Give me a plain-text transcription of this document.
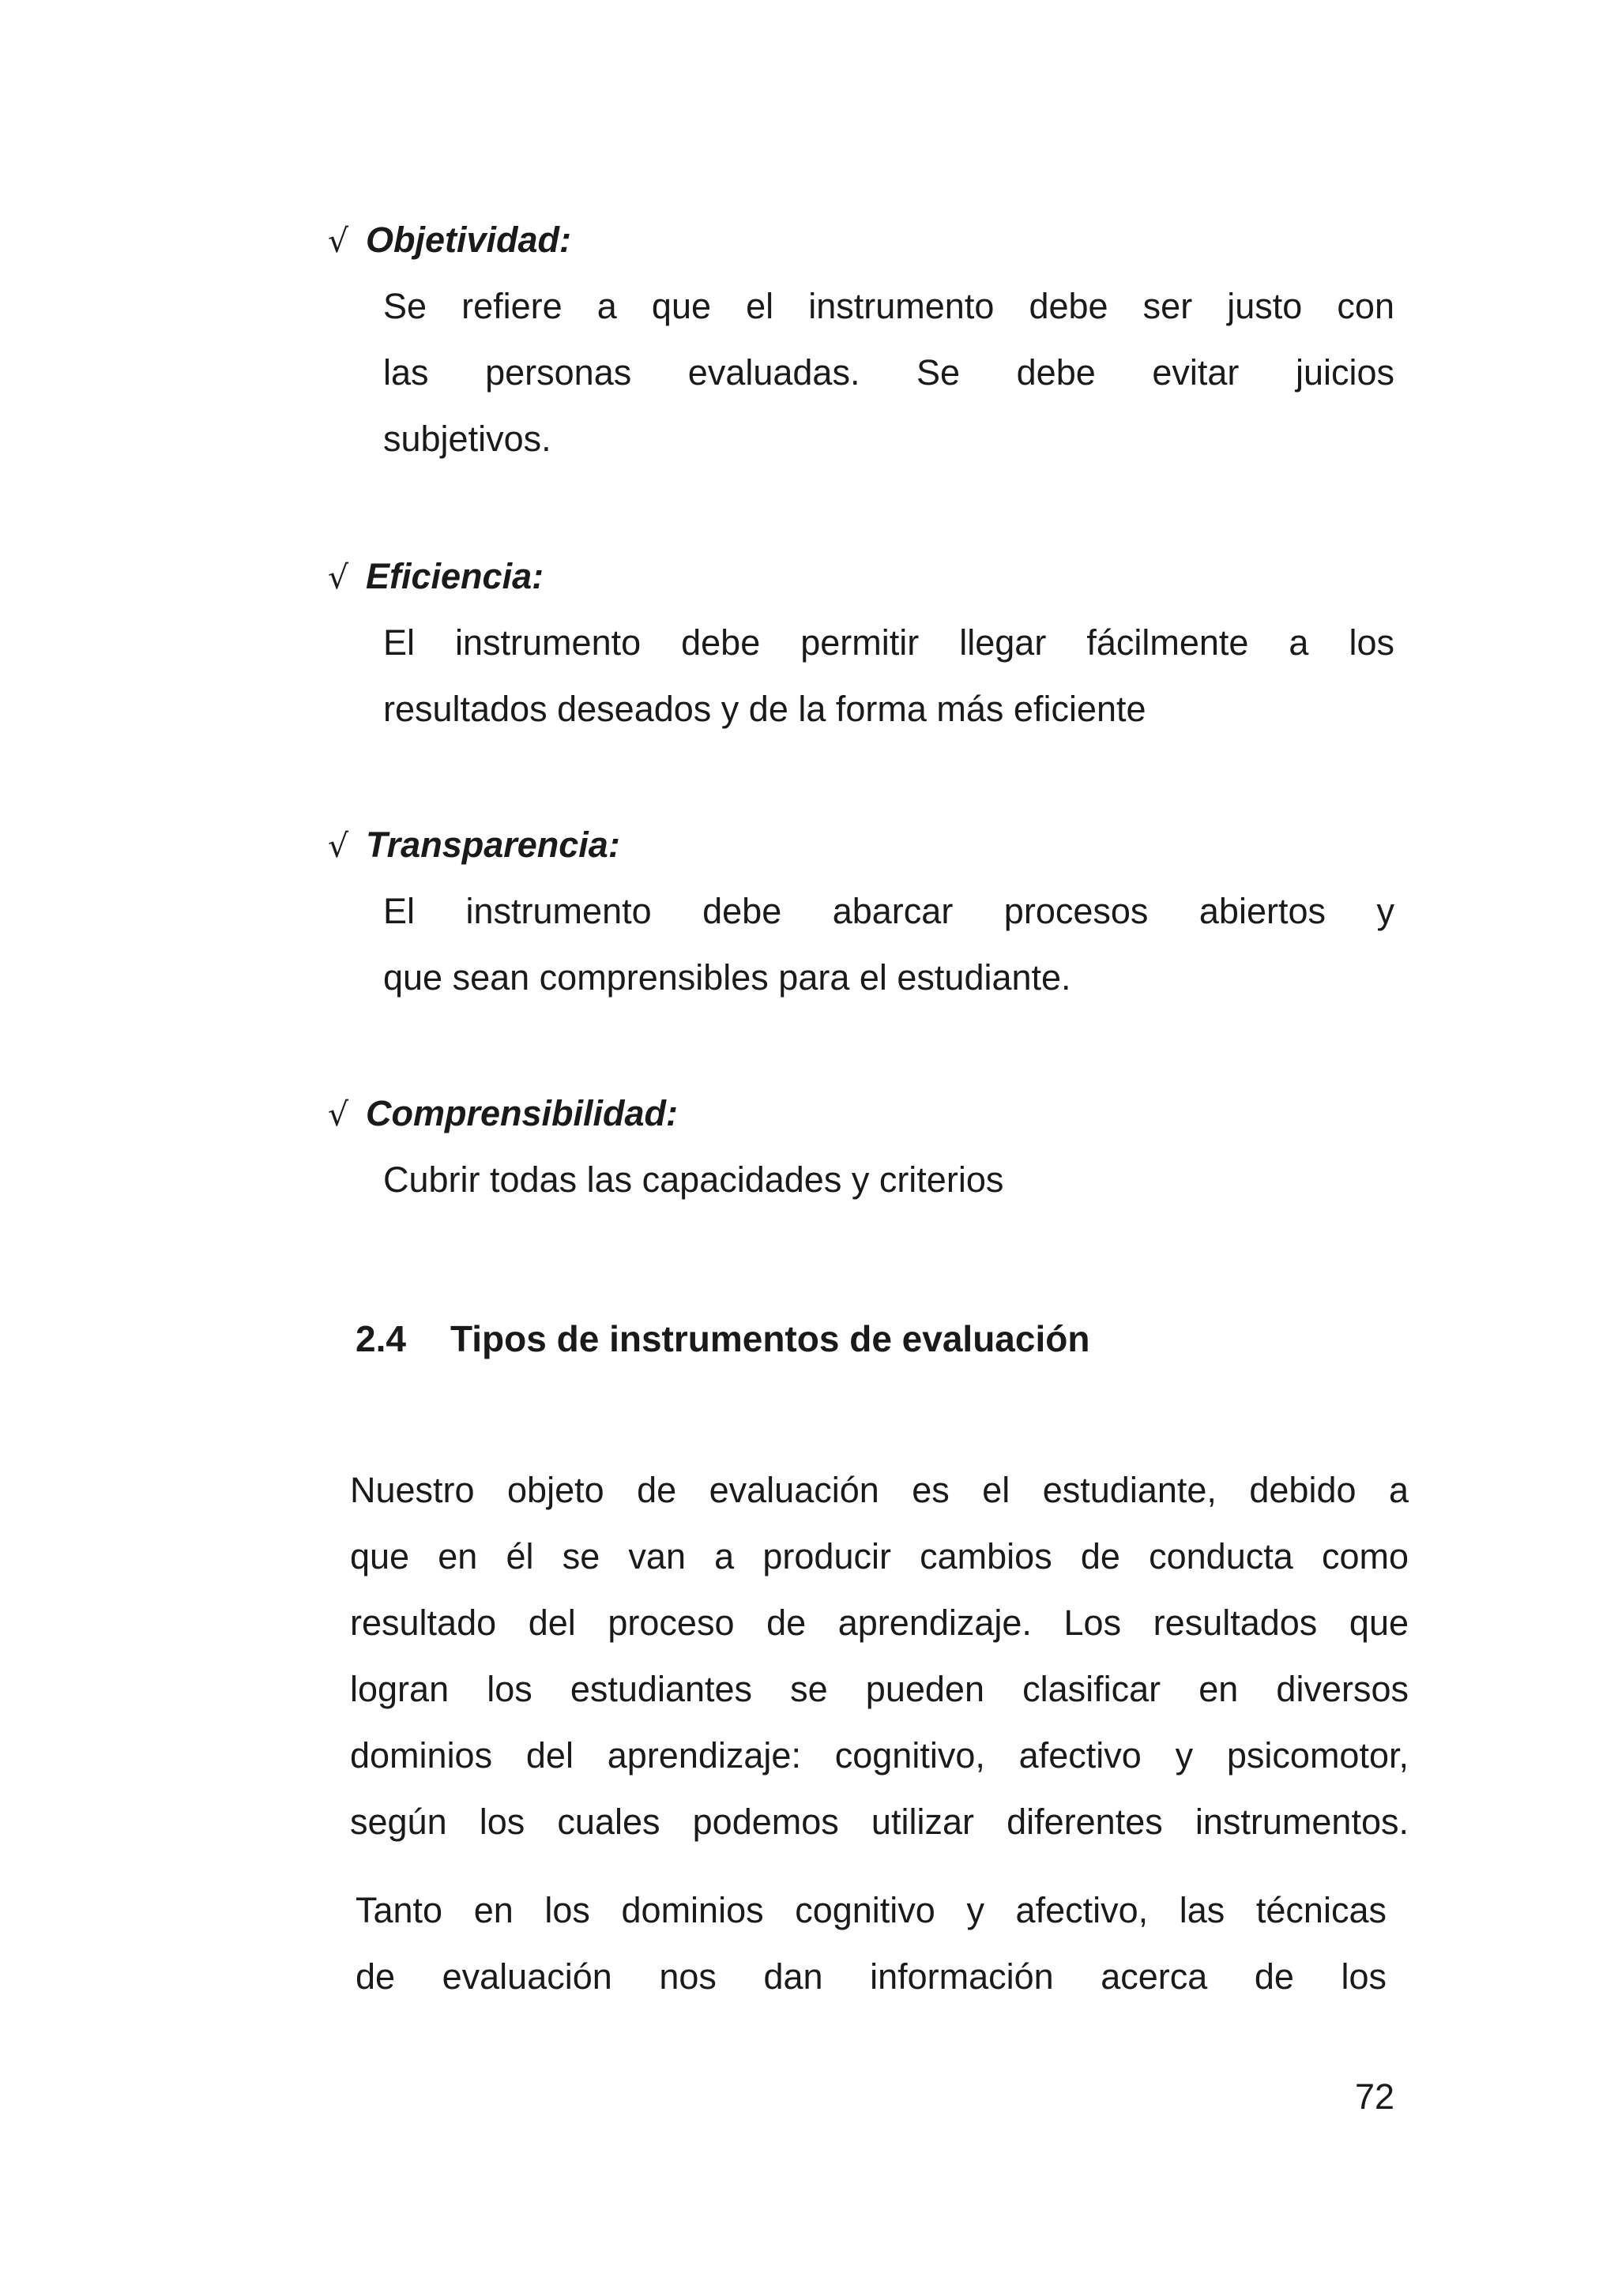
√ Objetividad:
Se refiere a que el instrumento debe ser justo con
las personas evaluadas. Se debe evitar juicios
subjetivos.
√ Eficiencia:
El instrumento debe permitir llegar fácilmente a los
resultados deseados y de la forma más eficiente
√ Transparencia:
El instrumento debe abarcar procesos abiertos y
que sean comprensibles para el estudiante.
√ Comprensibilidad:
Cubrir todas las capacidades y criterios
2.4 Tipos de instrumentos de evaluación
Nuestro objeto de evaluación es el estudiante, debido a
que en él se van a producir cambios de conducta como
resultado del proceso de aprendizaje. Los resultados que
logran los estudiantes se pueden clasificar en diversos
dominios del aprendizaje: cognitivo, afectivo y psicomotor,
según los cuales podemos utilizar diferentes instrumentos.
Tanto en los dominios cognitivo y afectivo, las técnicas
de evaluación nos dan información acerca de los
72
